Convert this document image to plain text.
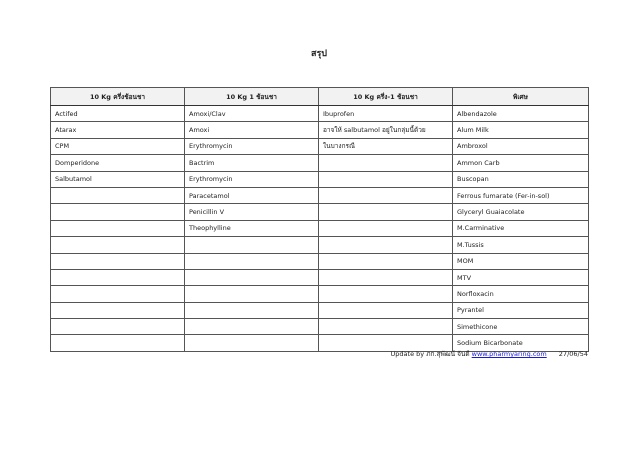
สรุป
10 Kg ครึ่งช้อนชา	10 Kg 1 ช้อนชา	10 Kg ครึ่ง-1 ช้อนชา	พิเศษ
Actifed	Amoxi/Clav	Ibuprofen	Albendazole
Atarax	Amoxi	อาจให้ salbutamol อยู่ในกลุ่มนี้ด้วย	Alum Milk
CPM	Erythromycin	ในบางกรณี	Ambroxol
Domperidone	Bactrim		Ammon Carb
Salbutamol	Erythromycin		Buscopan
	Paracetamol		Ferrous fumarate (Fer-in-sol)
	Penicillin V		Glyceryl Guaiacolate
	Theophylline		M.Carminative
			M.Tussis
			MOM
			MTV
			Norfloxacin
			Pyrantel
			Simethicone
			Sodium Bicarbonate
Update by ภก.สุพัฒน์ จันดี www.pharmyaring.com 27/06/54
